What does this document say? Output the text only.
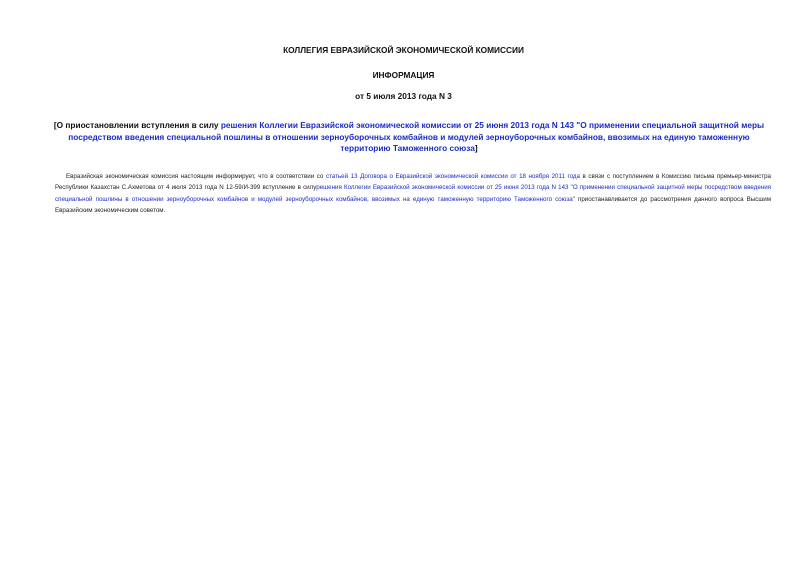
КОЛЛЕГИЯ ЕВРАЗИЙСКОЙ ЭКОНОМИЧЕСКОЙ КОМИССИИ
ИНФОРМАЦИЯ
от 5 июля 2013 года N 3
[О приостановлении вступления в силу решения Коллегии Евразийской экономической комиссии от 25 июня 2013 года N 143 "О применении специальной защитной меры посредством введения специальной пошлины в отношении зерноуборочных комбайнов и модулей зерноуборочных комбайнов, ввозимых на единую таможенную территорию Таможенного союза]
Евразийская экономическая комиссия настоящим информирует, что в соответствии со статьей 13 Договора о Евразийской экономической комиссии от 18 ноября 2011 года в связи с поступлением в Комиссию письма премьер-министра Республики Казахстан С.Ахметова от 4 июля 2013 года N 12-59/И-399 вступление в силурешения Коллегии Евразийской экономической комиссии от 25 июня 2013 года N 143 "О применении специальной защитной меры посредством введения специальной пошлины в отношении зерноуборочных комбайнов и модулей зерноуборочных комбайнов, ввозимых на единую таможенную территорию Таможенного союза" приостанавливается до рассмотрения данного вопроса Высшим Евразийским экономическим советом.
